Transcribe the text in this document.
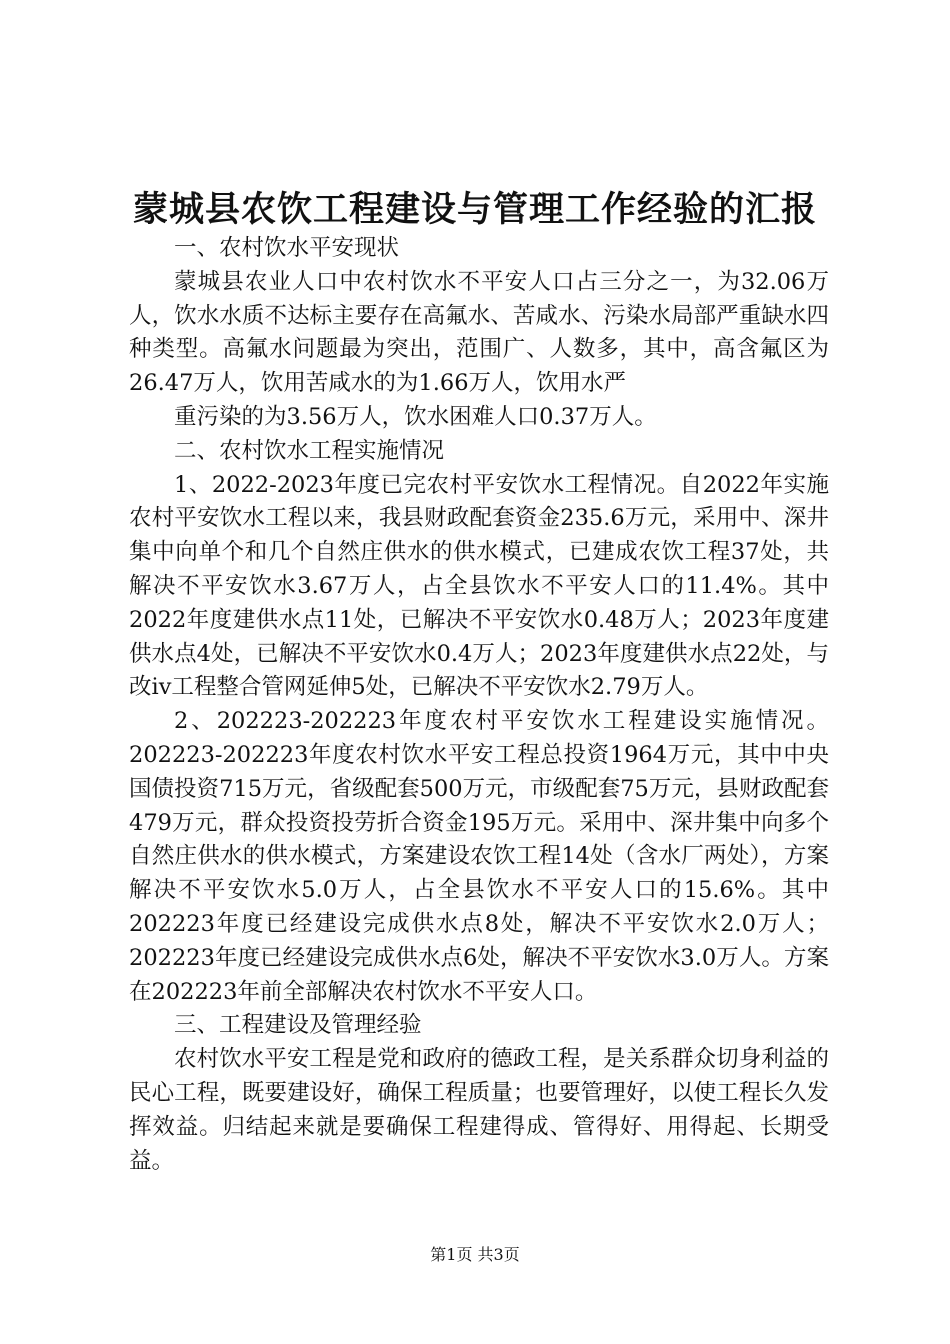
蒙城县农饮工程建设与管理工作经验的汇报

一、农村饮水平安现状

蒙城县农业人口中农村饮水不平安人口占三分之一，为32.06万人，饮水水质不达标主要存在高氟水、苦咸水、污染水局部严重缺水四种类型。高氟水问题最为突出，范围广、人数多，其中，高含氟区为26.47万人，饮用苦咸水的为1.66万人，饮用水严

重污染的为3.56万人，饮水困难人口0.37万人。

二、农村饮水工程实施情况

1、2022-2023年度已完农村平安饮水工程情况。自2022年实施农村平安饮水工程以来，我县财政配套资金235.6万元，采用中、深井集中向单个和几个自然庄供水的供水模式，已建成农饮工程37处，共解决不平安饮水3.67万人，占全县饮水不平安人口的11.4%。其中2022年度建供水点11处，已解决不平安饮水0.48万人；2023年度建供水点4处，已解决不平安饮水0.4万人；2023年度建供水点22处，与改iv工程整合管网延伸5处，已解决不平安饮水2.79万人。

2、202223-202223年度农村平安饮水工程建设实施情况。202223-202223年度农村饮水平安工程总投资1964万元，其中中央国债投资715万元，省级配套500万元，市级配套75万元，县财政配套479万元，群众投资投劳折合资金195万元。采用中、深井集中向多个自然庄供水的供水模式，方案建设农饮工程14处（含水厂两处），方案解决不平安饮水5.0万人，占全县饮水不平安人口的15.6%。其中202223年度已经建设完成供水点8处，解决不平安饮水2.0万人；202223年度已经建设完成供水点6处，解决不平安饮水3.0万人。方案在202223年前全部解决农村饮水不平安人口。

三、工程建设及管理经验

农村饮水平安工程是党和政府的德政工程，是关系群众切身利益的民心工程，既要建设好，确保工程质量；也要管理好，以使工程长久发挥效益。归结起来就是要确保工程建得成、管得好、用得起、长期受益。

第1页 共3页
